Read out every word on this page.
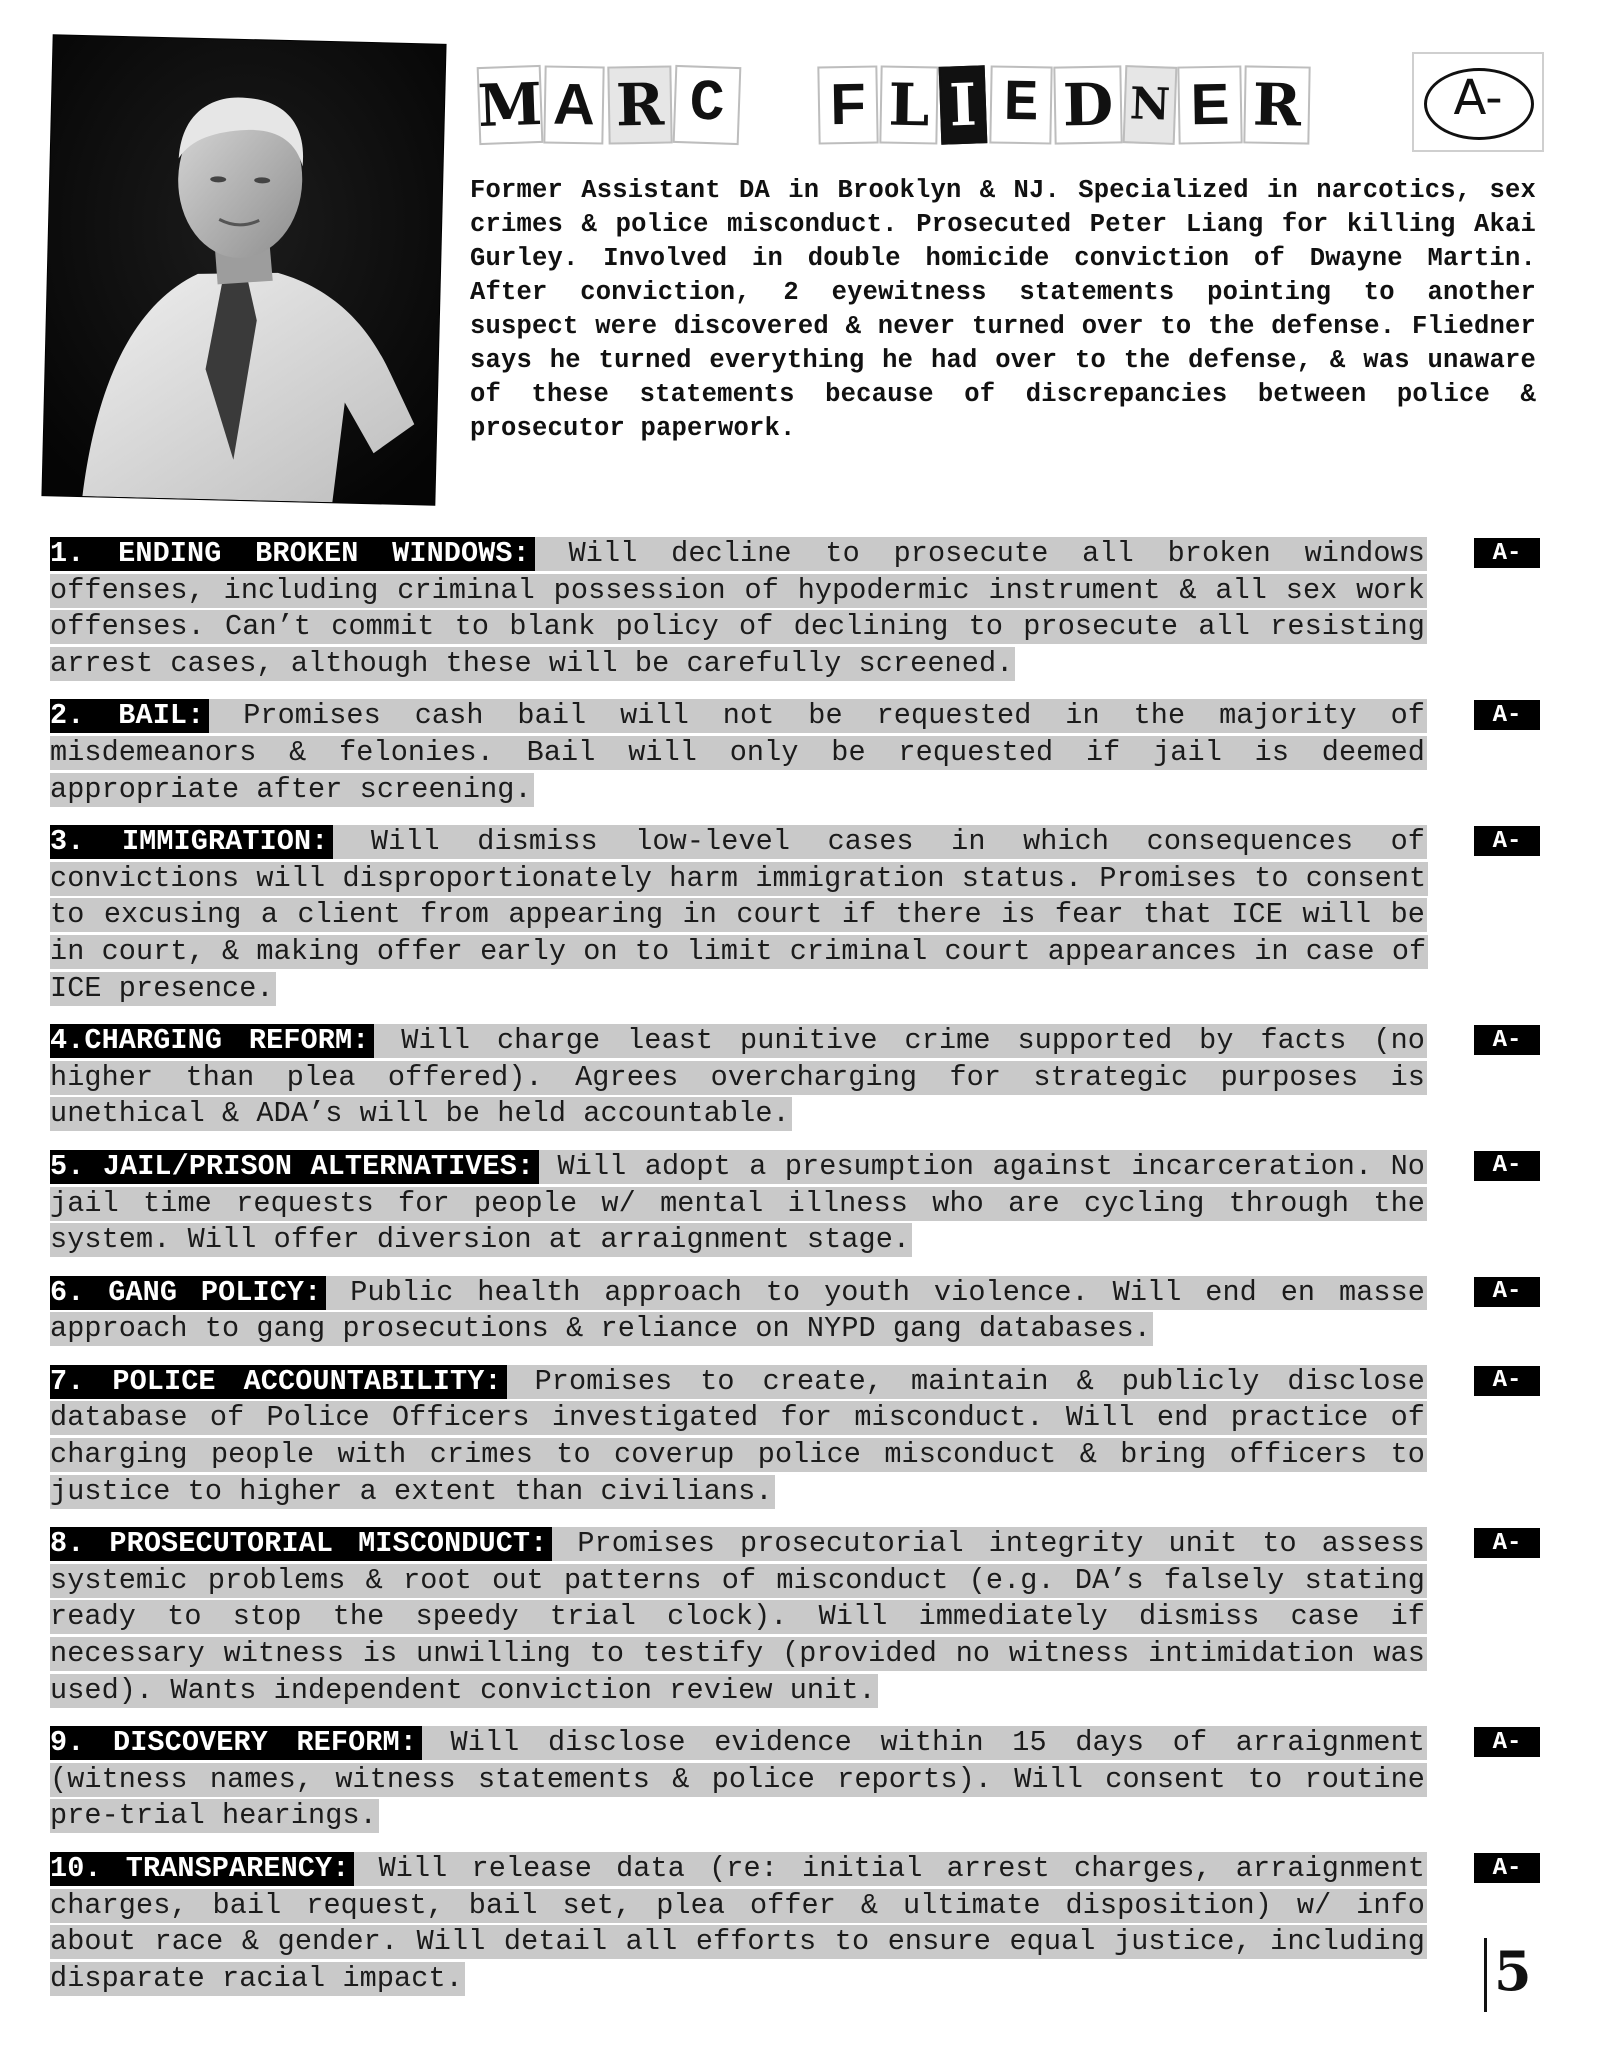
M A R C F L I E D N E R	A-
Former Assistant DA in Brooklyn & NJ. Specialized in narcotics, sex crimes & police misconduct. Prosecuted Peter Liang for killing Akai Gurley. Involved in double homicide conviction of Dwayne Martin. After conviction, 2 eyewitness statements pointing to another suspect were discovered & never turned over to the defense. Fliedner says he turned everything he had over to the defense, & was unaware of these statements because of discrepancies between police & prosecutor paperwork.
1. ENDING BROKEN WINDOWS: Will decline to prosecute all broken windows offenses, including criminal possession of hypodermic instrument & all sex work offenses. Can’t commit to blank policy of declining to prosecute all resisting arrest cases, although these will be carefully screened.
A-
2. BAIL: Promises cash bail will not be requested in the majority of misdemeanors & felonies. Bail will only be requested if jail is deemed appropriate after screening.
A-
3. IMMIGRATION: Will dismiss low-level cases in which consequences of convictions will disproportionately harm immigration status. Promises to consent to excusing a client from appearing in court if there is fear that ICE will be in court, & making offer early on to limit criminal court appearances in case of ICE presence.
A-
4.CHARGING REFORM: Will charge least punitive crime supported by facts (no higher than plea offered). Agrees overcharging for strategic purposes is unethical & ADA’s will be held accountable.
A-
5. JAIL/PRISON ALTERNATIVES: Will adopt a presumption against incarceration. No jail time requests for people w/ mental illness who are cycling through the system. Will offer diversion at arraignment stage.
A-
6. GANG POLICY: Public health approach to youth violence. Will end en masse approach to gang prosecutions & reliance on NYPD gang databases.
A-
7. POLICE ACCOUNTABILITY: Promises to create, maintain & publicly disclose database of Police Officers investigated for misconduct. Will end practice of charging people with crimes to coverup police misconduct & bring officers to justice to higher a extent than civilians.
A-
8. PROSECUTORIAL MISCONDUCT: Promises prosecutorial integrity unit to assess systemic problems & root out patterns of misconduct (e.g. DA’s falsely stating ready to stop the speedy trial clock). Will immediately dismiss case if necessary witness is unwilling to testify (provided no witness intimidation was used). Wants independent conviction review unit.
A-
9. DISCOVERY REFORM: Will disclose evidence within 15 days of arraignment (witness names, witness statements & police reports). Will consent to routine pre-trial hearings.
A-
10. TRANSPARENCY: Will release data (re: initial arrest charges, arraignment charges, bail request, bail set, plea offer & ultimate disposition) w/ info about race & gender. Will detail all efforts to ensure equal justice, including disparate racial impact.
A-
5
